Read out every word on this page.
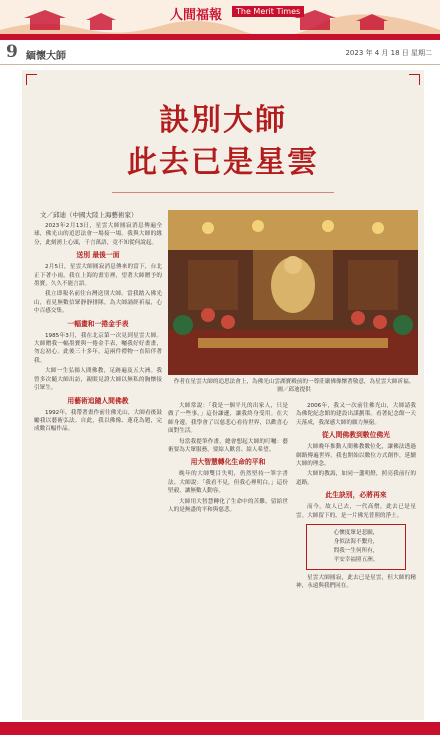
人間福報	The Merit Times
9 緬懷大師	2023 年 4 月 18 日 星期二
訣別大師
此去已是星雲
文／邱迪（中國大陸上海藝術家）
作者在星雲大師的追思法會上，為佛光山雲湖寶殿前的一尊莊嚴佛像懷著敬意，為星雲大師祈福。圖／邱迪提供

2023年2月13日，星雲大師圓寂消息傳遍全球，佛光山的追思法會一場接一場。我與大師的緣分，此刻湧上心頭，千言萬語，竟不知從何說起。

送別 最後一面

2月5日，星雲大師圓寂消息傳來的當下，台北正下著小雨，我在上海的畫室裡，望著大師贈予的墨寶，久久不能言語。

我立即報名前往台灣送別大師。當我踏入佛光山，看見無數信眾靜靜排隊，為大師誦經祈福，心中百感交集。

一幅畫和一捲金手表

1985年3月，我在北京第一次見到星雲大師。大師贈我一幅墨寶與一捲金手表，囑我好好畫畫，勿忘初心。此後三十多年，這兩件禮物一直陪伴著我。

大師一生弘揚人間佛教，足跡遍及五大洲。我曾多次隨大師出訪，親眼見證大師以無私的胸懷接引眾生。

用藝術追隨人間佛教

1992年，我帶著畫作前往佛光山，大師看後鼓勵我以藝術弘法。自此，我以佛像、蓮花為題，完成數百幅作品。

大師常說：「我是一個平凡的出家人，只是做了一些事。」這份謙遜，讓我終身受用。在大師身邊，我學會了以慈悲心看待世界，以歡喜心面對生活。

每當我提筆作畫，總會想起大師的叮囑：藝術要為大眾服務，要給人歡喜、給人希望。

用大智慧轉化生命的平和

晚年的大師雙目失明，仍然堅持一筆字書法。大師說：「我看不見，但我心裡明白。」這份堅毅，讓無數人動容。

大師用大智慧轉化了生命中的苦難，留給世人的是無盡的平和與慈悲。

2006年，我又一次前往佛光山，大師請我為佛陀紀念館的建設出謀劃策。看著紀念館一天天落成，我深感大師的願力無窮。

從人間佛教到數位佛光

大師晚年推動人間佛教數位化，讓佛法透過網路傳遍世界。我也開始以數位方式創作，延續大師的理念。

大師的教誨，如同一盞明燈，照亮我前行的道路。

此生訣別，必將再來

而今，故人已去，一代高僧，此去已是星雲。大師留下的，是一片佛光普照的淨土。

心懷度眾是悲願，
身似法海不繫舟，
問我一生何所有，
平安幸福照五洲。

星雲大師圓寂，此去已是星雲，但大師的精神，永遠與我們同在。
